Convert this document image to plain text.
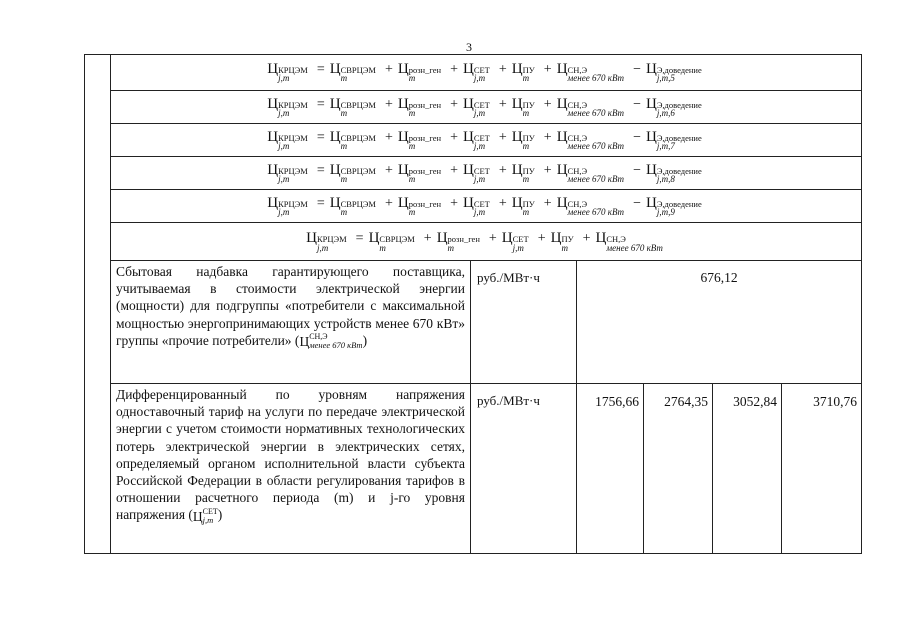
3
Ц КРЦЭМ
j,m
= Ц СВРЦЭМ
m
+ Ц розн_ген
m
+ Ц СЕТ
j,m
+ Ц ПУ
m
+ Ц СН,Э
менее 670 кВт
− Ц Э,доведение
j,m,5
Ц КРЦЭМ
j,m
= Ц СВРЦЭМ
m
+ Ц розн_ген
m
+ Ц СЕТ
j,m
+ Ц ПУ
m
+ Ц СН,Э
менее 670 кВт
− Ц Э,доведение
j,m,6
Ц КРЦЭМ
j,m
= Ц СВРЦЭМ
m
+ Ц розн_ген
m
+ Ц СЕТ
j,m
+ Ц ПУ
m
+ Ц СН,Э
менее 670 кВт
− Ц Э,доведение
j,m,7
Ц КРЦЭМ
j,m
= Ц СВРЦЭМ
m
+ Ц розн_ген
m
+ Ц СЕТ
j,m
+ Ц ПУ
m
+ Ц СН,Э
менее 670 кВт
− Ц Э,доведение
j,m,8
Ц КРЦЭМ
j,m
= Ц СВРЦЭМ
m
+ Ц розн_ген
m
+ Ц СЕТ
j,m
+ Ц ПУ
m
+ Ц СН,Э
менее 670 кВт
− Ц Э,доведение
j,m,9
Ц КРЦЭМ
j,m
= Ц СВРЦЭМ
m
+ Ц розн_ген
m
+ Ц СЕТ
j,m
+ Ц ПУ
m
+ Ц СН,Э
менее 670 кВт
Сбытовая надбавка гарантирующего поставщика, учитываемая в стоимости электрической энергии (мощности) для подгруппы «потребители с максимальной мощностью энергопринимающих устройств менее 670 кВт» группы «прочие потребители» ( Ц СН,Э
менее 670 кВт )
руб./МВт·ч	676,12
Дифференцированный по уровням напряжения одноставочный тариф на услуги по передаче электрической энергии с учетом стоимости нормативных технологических потерь электрической энергии в электрических сетях, определяемый органом исполнительной власти субъекта Российской Федерации в области регулирования тарифов в отношении расчетного периода (m) и j-го уровня напряжения ( Ц СЕТ
j,m )
руб./МВт·ч	1756,66	2764,35	3052,84	3710,76
